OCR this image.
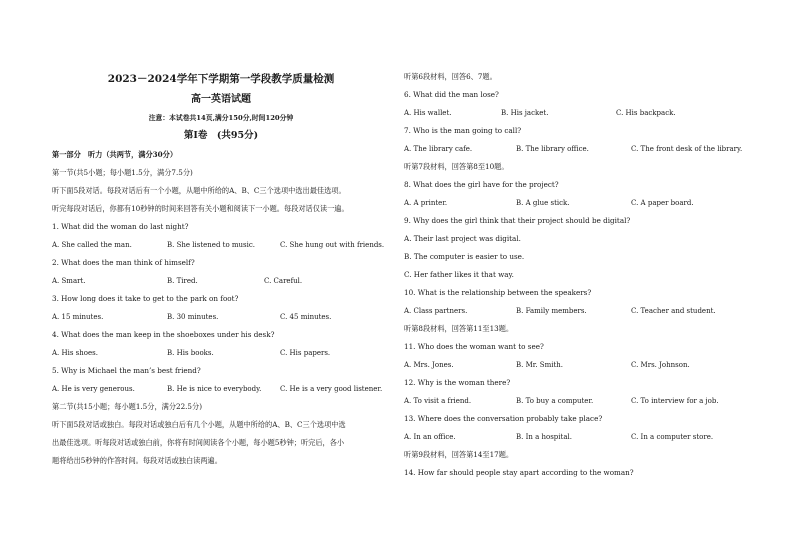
2023－2024学年下学期第一学段教学质量检测
高一英语试题
注意：本试卷共14页,满分150分,时间120分钟
第Ⅰ卷　(共95分)
第一部分　听力（共两节，满分30分）
第一节(共5小题；每小题1.5分，满分7.5分)
听下面5段对话。每段对话后有一个小题，从题中所给的A、B、C三个选项中选出最佳选项。
听完每段对话后，你都有10秒钟的时间来回答有关小题和阅读下一小题。每段对话仅读一遍。
1. What did the woman do last night?
A. She called the man.	B. She listened to music.	C. She hung out with friends.
2. What does the man think of himself?
A. Smart.	B. Tired.	C. Careful.
3. How long does it take to get to the park on foot?
A. 15 minutes.	B. 30 minutes.	C. 45 minutes.
4. What does the man keep in the shoeboxes under his desk?
A. His shoes.	B. His books.	C. His papers.
5. Why is Michael the man’s best friend?
A. He is very generous.	B. He is nice to everybody.	C. He is a very good listener.
第二节(共15小题；每小题1.5分，满分22.5分)
听下面5段对话或独白。每段对话或独白后有几个小题，从题中所给的A、B、C三个选项中选
出最佳选项。听每段对话或独白前，你将有时间阅读各个小题，每小题5秒钟；听完后，各小
题将给出5秒钟的作答时间。每段对话或独白读两遍。
听第6段材料，回答6、7题。
6. What did the man lose?
A. His wallet.	B. His jacket.	C. His backpack.
7. Who is the man going to call?
A. The library cafe.	B. The library office.	C. The front desk of the library.
听第7段材料，回答第8至10题。
8. What does the girl have for the project?
A. A printer.	B. A glue stick.	C. A paper board.
9. Why does the girl think that their project should be digital?
A. Their last project was digital.
B. The computer is easier to use.
C. Her father likes it that way.
10. What is the relationship between the speakers?
A. Class partners.	B. Family members.	C. Teacher and student.
听第8段材料，回答第11至13题。
11. Who does the woman want to see?
A. Mrs. Jones.	B. Mr. Smith.	C. Mrs. Johnson.
12. Why is the woman there?
A. To visit a friend.	B. To buy a computer.	C. To interview for a job.
13. Where does the conversation probably take place?
A. In an office.	B. In a hospital.	C. In a computer store.
听第9段材料，回答第14至17题。
14. How far should people stay apart according to the woman?
